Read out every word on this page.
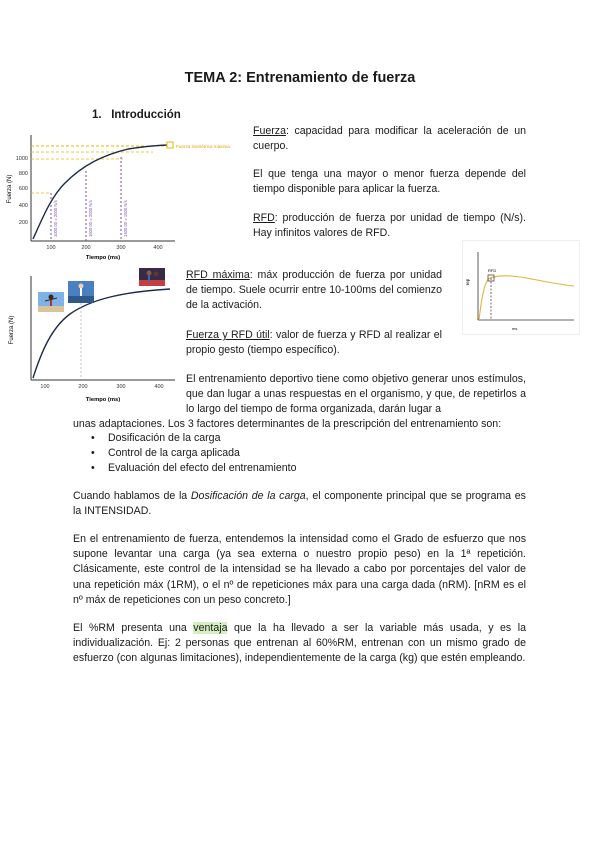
TEMA 2: Entrenamiento de fuerza
1. Introducción
Fuerza (N)
1000
800
600
400
200	1000.00 = 2000 N/s	1600.00 = 2000 N/s	1400.00 = 1500 N/s
Fuerza isométrica máxima
100	200	300	400
Tiempo (ms)
Fuerza: capacidad para modificar la aceleración de un cuerpo.
El que tenga una mayor o menor fuerza depende del tiempo disponible para aplicar la fuerza.
RFD: producción de fuerza por unidad de tiempo (N/s). Hay infinitos valores de RFD.
rep
RFD
ms
Fuerza (N)
100	200	300	400
Tiempo (ms)
RFD máxima: máx producción de fuerza por unidad de tiempo. Suele ocurrir entre 10-100ms del comienzo de la activación.
Fuerza y RFD útil: valor de fuerza y RFD al realizar el propio gesto (tiempo específico).
El entrenamiento deportivo tiene como objetivo generar unos estímulos, que dan lugar a unas respuestas en el organismo, y que, de repetirlos a lo largo del tiempo de forma organizada, darán lugar a
unas adaptaciones. Los 3 factores determinantes de la prescripción del entrenamiento son:
• Dosificación de la carga
• Control de la carga aplicada
• Evaluación del efecto del entrenamiento
Cuando hablamos de la Dosificación de la carga, el componente principal que se programa es la INTENSIDAD.
En el entrenamiento de fuerza, entendemos la intensidad como el Grado de esfuerzo que nos supone levantar una carga (ya sea externa o nuestro propio peso) en la 1ª repetición. Clásicamente, este control de la intensidad se ha llevado a cabo por porcentajes del valor de una repetición máx (1RM), o el nº de repeticiones máx para una carga dada (nRM). [nRM es el nº máx de repeticiones con un peso concreto.]
El %RM presenta una ventaja que la ha llevado a ser la variable más usada, y es la individualización. Ej: 2 personas que entrenan al 60%RM, entrenan con un mismo grado de esfuerzo (con algunas limitaciones), independientemente de la carga (kg) que estén empleando.
